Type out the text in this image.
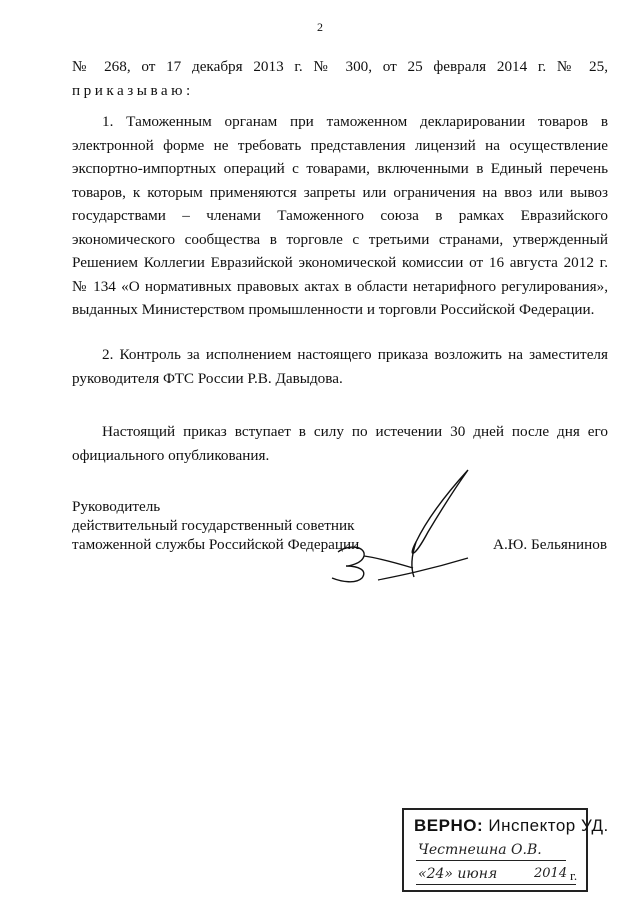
2
№ 268, от 17 декабря 2013 г. № 300, от 25 февраля 2014 г. № 25,
приказываю:
1. Таможенным органам при таможенном декларировании товаров в
электронной форме не требовать представления лицензий на осуществление
экспортно-импортных операций с товарами, включенными в Единый перечень
товаров, к которым применяются запреты или ограничения на ввоз или вывоз
государствами – членами Таможенного союза в рамках Евразийского
экономического сообщества в торговле с третьими странами, утвержденный
Решением Коллегии Евразийской экономической комиссии от 16 августа 2012 г.
№ 134 «О нормативных правовых актах в области нетарифного регулирования»,
выданных Министерством промышленности и торговли Российской Федерации.
2. Контроль за исполнением настоящего приказа возложить на заместителя
руководителя ФТС России Р.В. Давыдова.
Настоящий приказ вступает в силу по истечении 30 дней после дня его
официального опубликования.
Руководитель
действительный государственный советник
таможенной службы Российской Федерации	А.Ю. Бельянинов
ВЕРНО: Инспектор УД.
Честнешна О.В.
«24» июня	2014 г.
